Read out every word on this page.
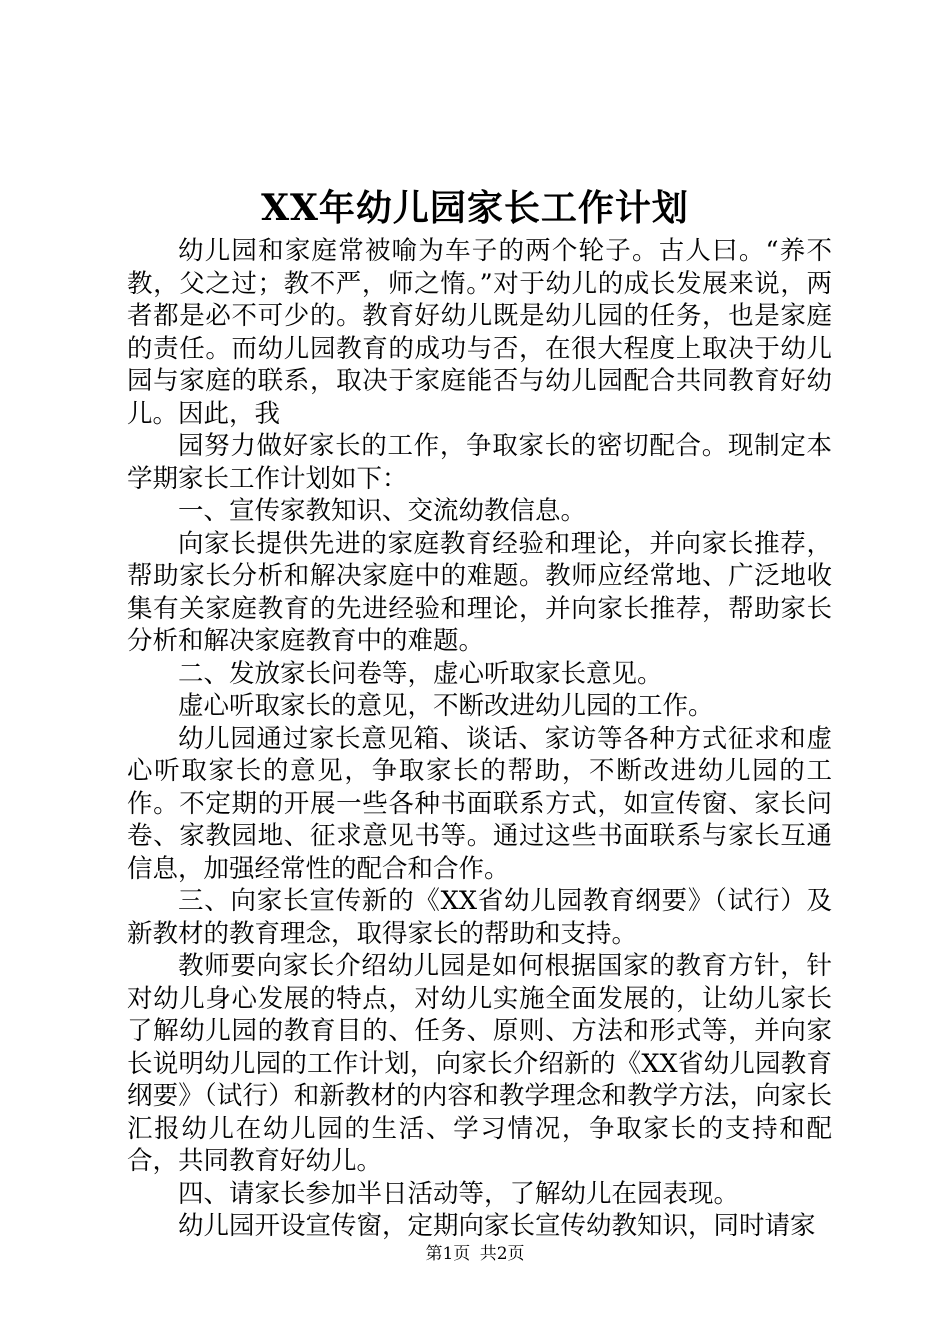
XX年幼儿园家长工作计划

幼儿园和家庭常被喻为车子的两个轮子。古人曰。“养不教，父之过；教不严，师之惰。”对于幼儿的成长发展来说，两者都是必不可少的。教育好幼儿既是幼儿园的任务，也是家庭的责任。而幼儿园教育的成功与否，在很大程度上取决于幼儿园与家庭的联系，取决于家庭能否与幼儿园配合共同教育好幼儿。因此，我

园努力做好家长的工作，争取家长的密切配合。现制定本学期家长工作计划如下：

一、宣传家教知识、交流幼教信息。

向家长提供先进的家庭教育经验和理论，并向家长推荐，帮助家长分析和解决家庭中的难题。教师应经常地、广泛地收集有关家庭教育的先进经验和理论，并向家长推荐，帮助家长分析和解决家庭教育中的难题。

二、发放家长问卷等，虚心听取家长意见。

虚心听取家长的意见，不断改进幼儿园的工作。

幼儿园通过家长意见箱、谈话、家访等各种方式征求和虚心听取家长的意见，争取家长的帮助，不断改进幼儿园的工作。不定期的开展一些各种书面联系方式，如宣传窗、家长问卷、家教园地、征求意见书等。通过这些书面联系与家长互通信息，加强经常性的配合和合作。

三、向家长宣传新的《XX省幼儿园教育纲要》（试行）及新教材的教育理念，取得家长的帮助和支持。

教师要向家长介绍幼儿园是如何根据国家的教育方针，针对幼儿身心发展的特点，对幼儿实施全面发展的，让幼儿家长了解幼儿园的教育目的、任务、原则、方法和形式等，并向家长说明幼儿园的工作计划，向家长介绍新的《XX省幼儿园教育纲要》（试行）和新教材的内容和教学理念和教学方法，向家长汇报幼儿在幼儿园的生活、学习情况，争取家长的支持和配合，共同教育好幼儿。

四、请家长参加半日活动等，了解幼儿在园表现。

幼儿园开设宣传窗，定期向家长宣传幼教知识，同时请家

第1页 共2页
